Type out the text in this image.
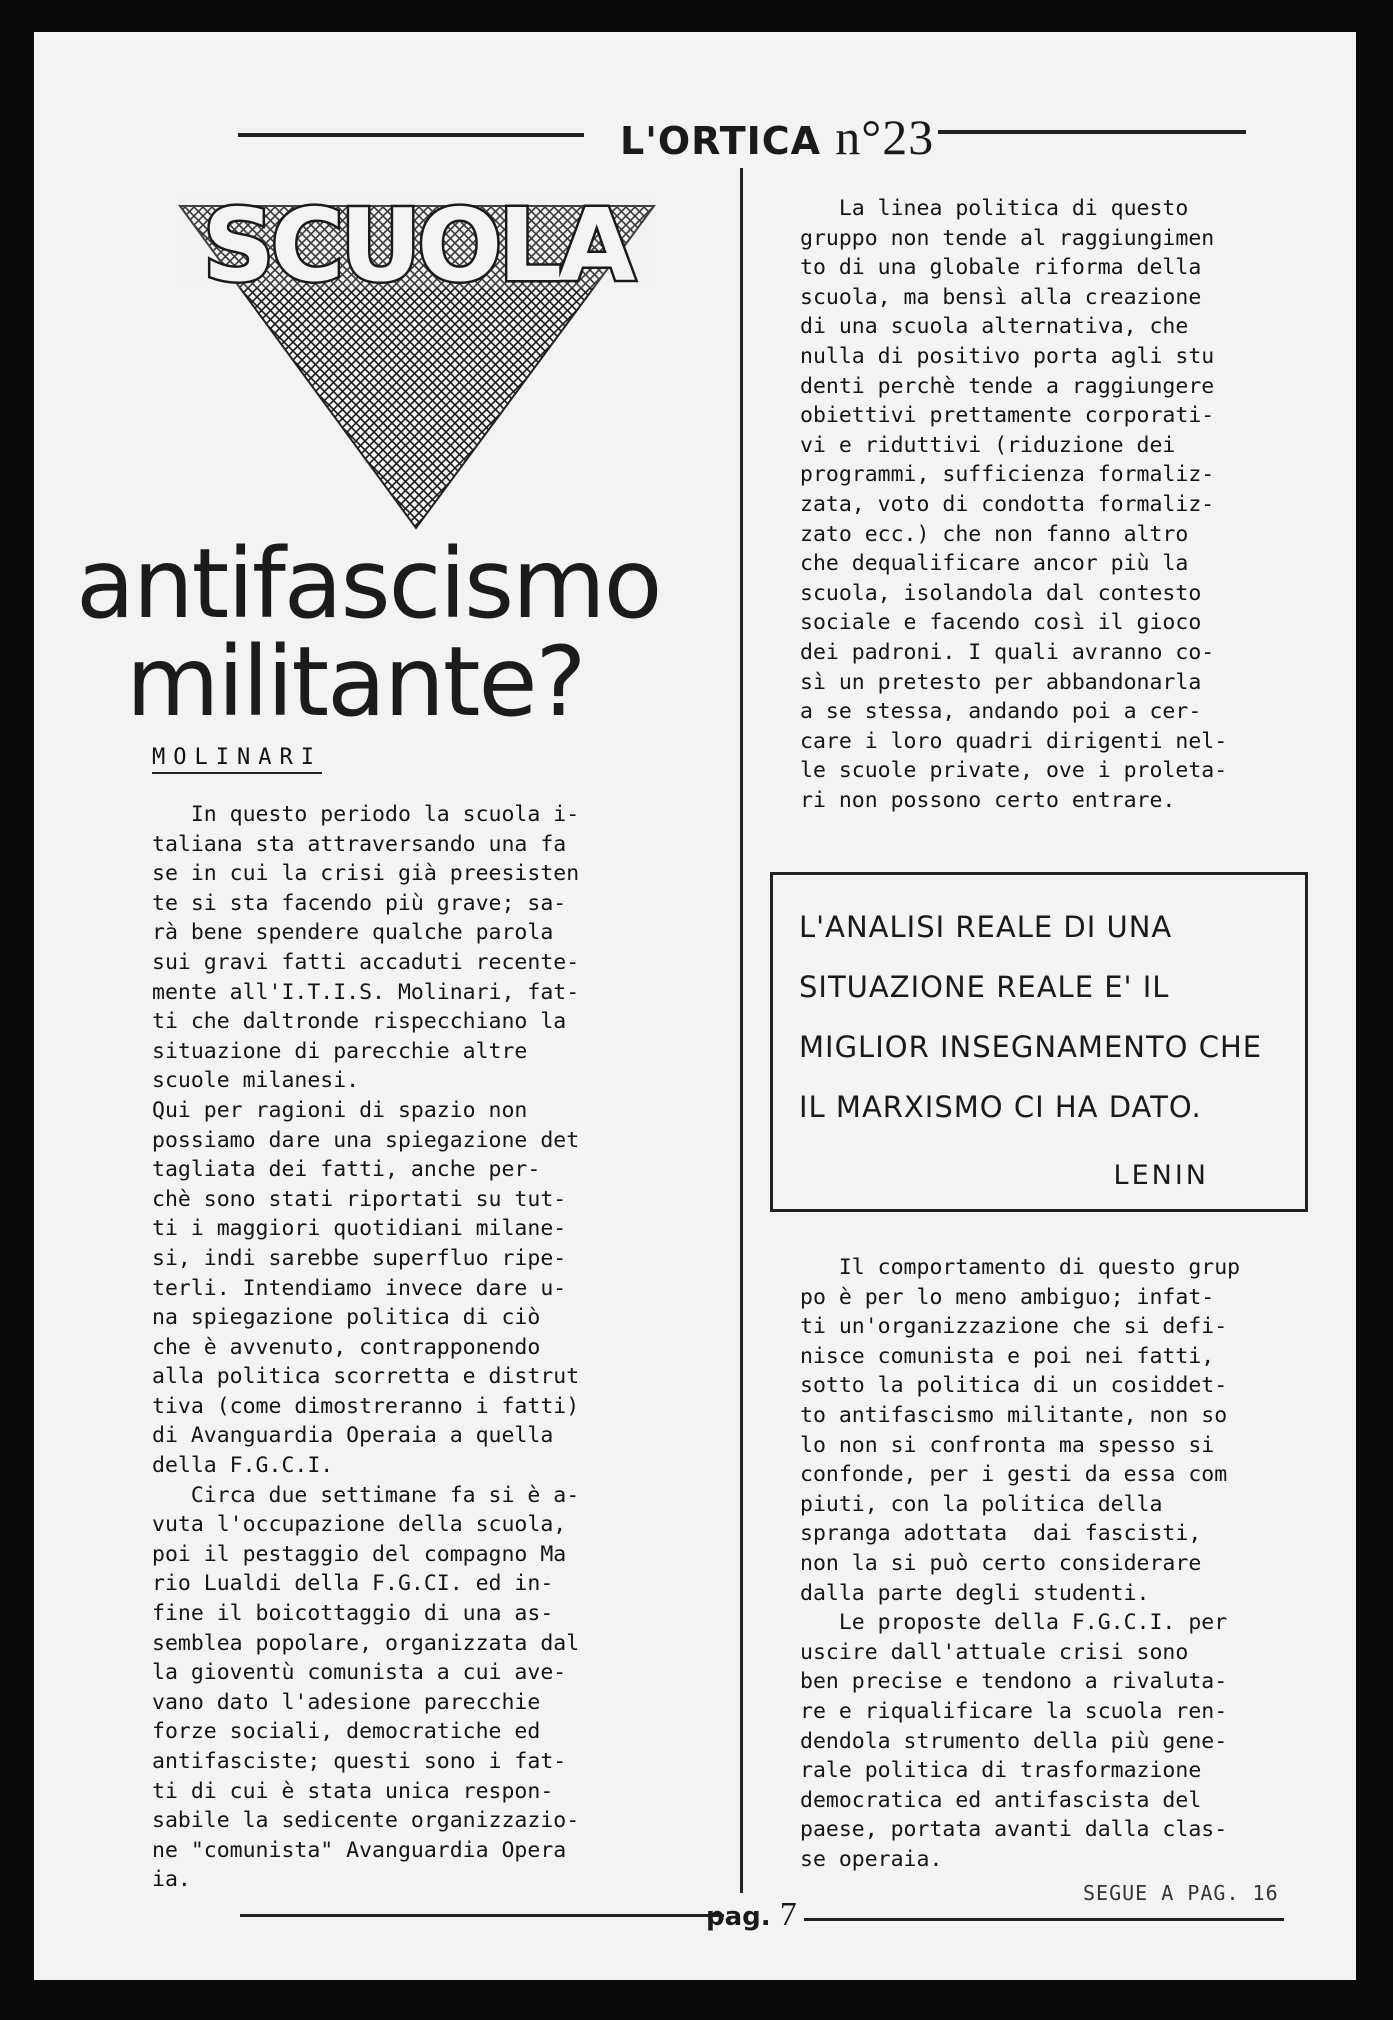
L'ORTICA n°23
SCUOLA
antifascismo
militante?
MOLINARI
In questo periodo la scuola i-
taliana sta attraversando una fa
se in cui la crisi già preesisten
te si sta facendo più grave; sa-
rà bene spendere qualche parola
sui gravi fatti accaduti recente-
mente all'I.T.I.S. Molinari, fat-
ti che daltronde rispecchiano la
situazione di parecchie altre
scuole milanesi.
Qui per ragioni di spazio non
possiamo dare una spiegazione det
tagliata dei fatti, anche per-
chè sono stati riportati su tut-
ti i maggiori quotidiani milane-
si, indi sarebbe superfluo ripe-
terli. Intendiamo invece dare u-
na spiegazione politica di ciò
che è avvenuto, contrapponendo
alla politica scorretta e distrut
tiva (come dimostreranno i fatti)
di Avanguardia Operaia a quella
della F.G.C.I.
Circa due settimane fa si è a-
vuta l'occupazione della scuola,
poi il pestaggio del compagno Ma
rio Lualdi della F.G.CI. ed in-
fine il boicottaggio di una as-
semblea popolare, organizzata dal
la gioventù comunista a cui ave-
vano dato l'adesione parecchie
forze sociali, democratiche ed
antifasciste; questi sono i fat-
ti di cui è stata unica respon-
sabile la sedicente organizzazio-
ne "comunista" Avanguardia Opera
ia.
La linea politica di questo
gruppo non tende al raggiungimen
to di una globale riforma della
scuola, ma bensì alla creazione
di una scuola alternativa, che
nulla di positivo porta agli stu
denti perchè tende a raggiungere
obiettivi prettamente corporati-
vi e riduttivi (riduzione dei
programmi, sufficienza formaliz-
zata, voto di condotta formaliz-
zato ecc.) che non fanno altro
che dequalificare ancor più la
scuola, isolandola dal contesto
sociale e facendo così il gioco
dei padroni. I quali avranno co-
sì un pretesto per abbandonarla
a se stessa, andando poi a cer-
care i loro quadri dirigenti nel-
le scuole private, ove i proleta-
ri non possono certo entrare.

L'ANALISI REALE DI UNA SITUAZIONE REALE E' IL MIGLIOR INSEGNAMENTO CHE IL MARXISMO CI HA DATO.

LENIN
Il comportamento di questo grup
po è per lo meno ambiguo; infat-
ti un'organizzazione che si defi-
nisce comunista e poi nei fatti,
sotto la politica di un cosiddet-
to antifascismo militante, non so
lo non si confronta ma spesso si
confonde, per i gesti da essa com
piuti, con la politica della
spranga adottata  dai fascisti,
non la si può certo considerare
dalla parte degli studenti.
Le proposte della F.G.C.I. per
uscire dall'attuale crisi sono
ben precise e tendono a rivaluta-
re e riqualificare la scuola ren-
dendola strumento della più gene-
rale politica di trasformazione
democratica ed antifascista del
paese, portata avanti dalla clas-
se operaia.
pag. 7
SEGUE A PAG. 16
